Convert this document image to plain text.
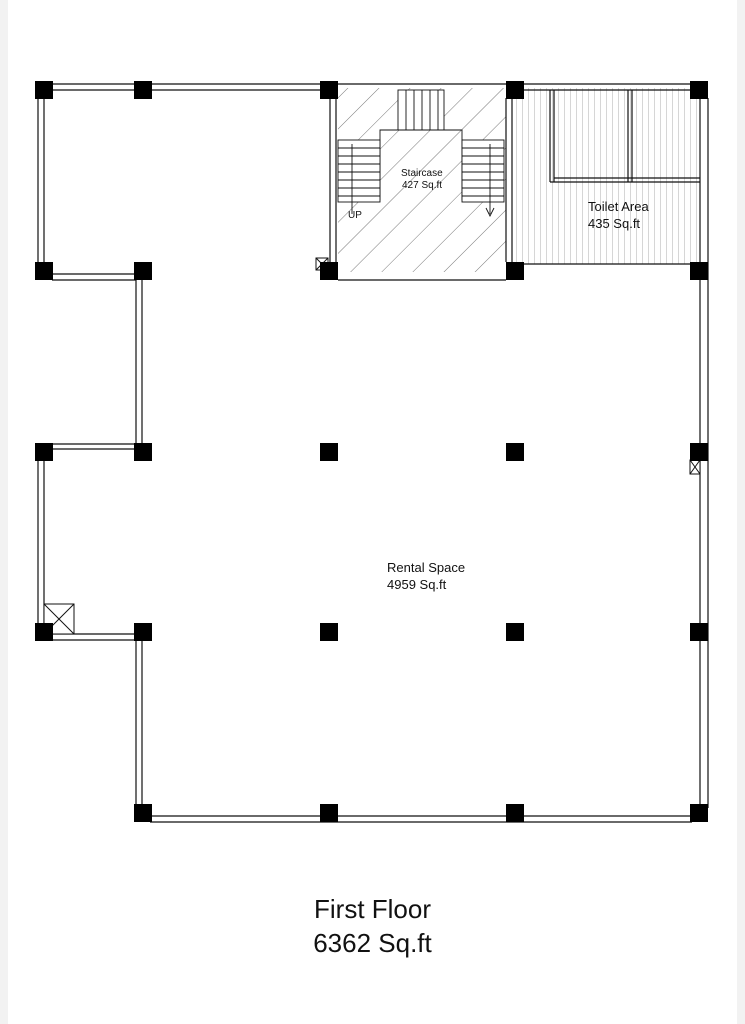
Staircase
427 Sq.ft
UP
Toilet Area
435 Sq.ft
Rental Space
4959 Sq.ft
First Floor
6362 Sq.ft
